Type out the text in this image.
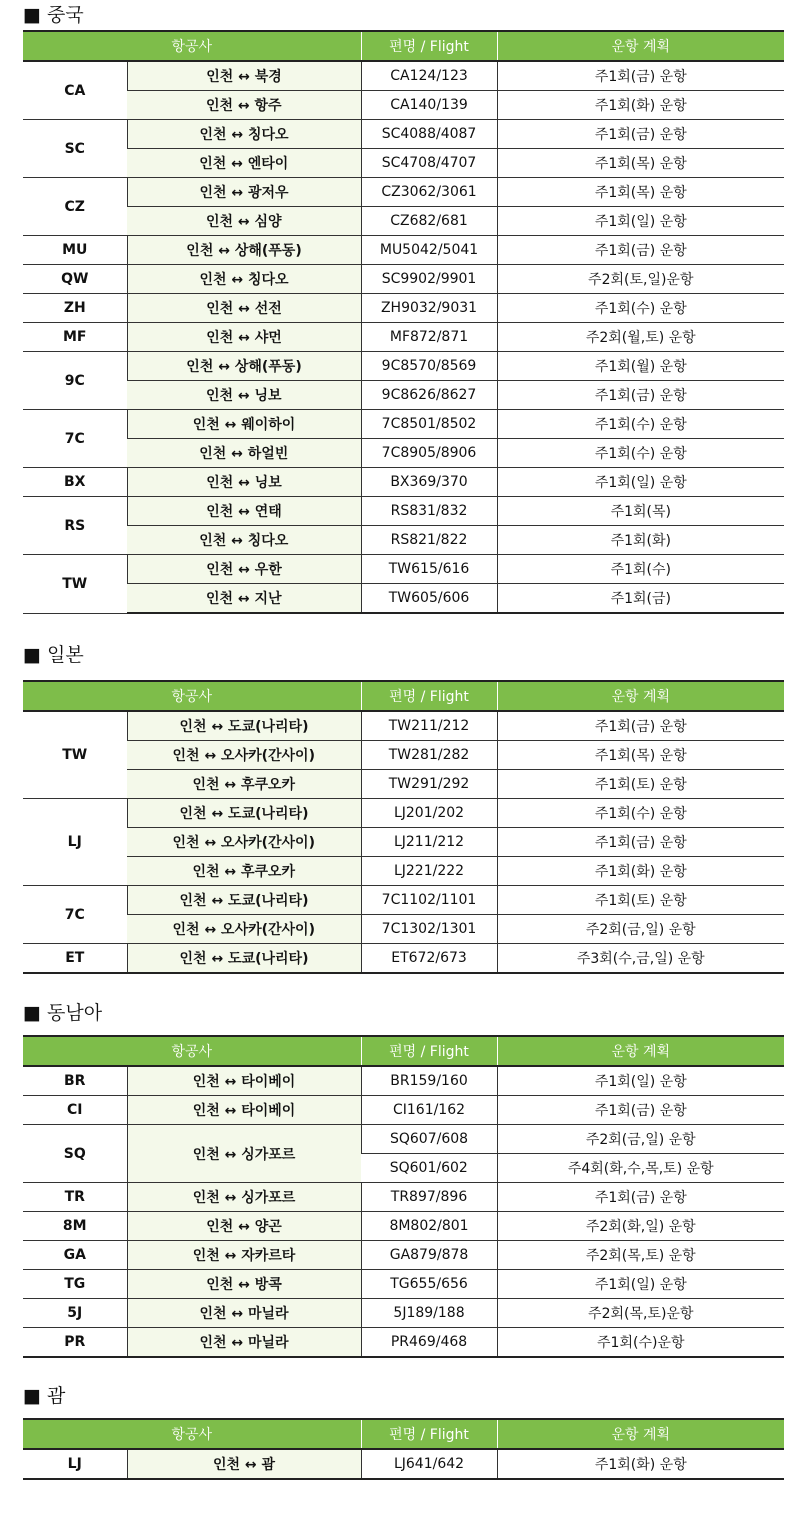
■ 중국
항공사		편명 / Flight	운항 계획
CA	인천 ↔ 북경	CA124/123	주1회(금) 운항
	인천 ↔ 항주	CA140/139	주1회(화) 운항
SC	인천 ↔ 칭다오	SC4088/4087	주1회(금) 운항
	인천 ↔ 엔타이	SC4708/4707	주1회(목) 운항
CZ	인천 ↔ 광저우	CZ3062/3061	주1회(목) 운항
	인천 ↔ 심양	CZ682/681	주1회(일) 운항
MU	인천 ↔ 상해(푸동)	MU5042/5041	주1회(금) 운항
QW	인천 ↔ 칭다오	SC9902/9901	주2회(토,일)운항
ZH	인천 ↔ 선전	ZH9032/9031	주1회(수) 운항
MF	인천 ↔ 샤먼	MF872/871	주2회(월,토) 운항
9C	인천 ↔ 상해(푸동)	9C8570/8569	주1회(월) 운항
	인천 ↔ 닝보	9C8626/8627	주1회(금) 운항
7C	인천 ↔ 웨이하이	7C8501/8502	주1회(수) 운항
	인천 ↔ 하얼빈	7C8905/8906	주1회(수) 운항
BX	인천 ↔ 닝보	BX369/370	주1회(일) 운항
RS	인천 ↔ 연태	RS831/832	주1회(목)
	인천 ↔ 칭다오	RS821/822	주1회(화)
TW	인천 ↔ 우한	TW615/616	주1회(수)
	인천 ↔ 지난	TW605/606	주1회(금)
■ 일본
항공사		편명 / Flight	운항 계획
TW	인천 ↔ 도쿄(나리타)	TW211/212	주1회(금) 운항
	인천 ↔ 오사카(간사이)	TW281/282	주1회(목) 운항
	인천 ↔ 후쿠오카	TW291/292	주1회(토) 운항
LJ	인천 ↔ 도쿄(나리타)	LJ201/202	주1회(수) 운항
	인천 ↔ 오사카(간사이)	LJ211/212	주1회(금) 운항
	인천 ↔ 후쿠오카	LJ221/222	주1회(화) 운항
7C	인천 ↔ 도쿄(나리타)	7C1102/1101	주1회(토) 운항
	인천 ↔ 오사카(간사이)	7C1302/1301	주2회(금,일) 운항
ET	인천 ↔ 도쿄(나리타)	ET672/673	주3회(수,금,일) 운항
■ 동남아
항공사		편명 / Flight	운항 계획
BR	인천 ↔ 타이베이	BR159/160	주1회(일) 운항
CI	인천 ↔ 타이베이	CI161/162	주1회(금) 운항
SQ	인천 ↔ 싱가포르	SQ607/608	주2회(금,일) 운항
		SQ601/602	주4회(화,수,목,토) 운항
TR	인천 ↔ 싱가포르	TR897/896	주1회(금) 운항
8M	인천 ↔ 양곤	8M802/801	주2회(화,일) 운항
GA	인천 ↔ 자카르타	GA879/878	주2회(목,토) 운항
TG	인천 ↔ 방콕	TG655/656	주1회(일) 운항
5J	인천 ↔ 마닐라	5J189/188	주2회(목,토)운항
PR	인천 ↔ 마닐라	PR469/468	주1회(수)운항
■ 괌
항공사		편명 / Flight	운항 계획
LJ	인천 ↔ 괌	LJ641/642	주1회(화) 운항
